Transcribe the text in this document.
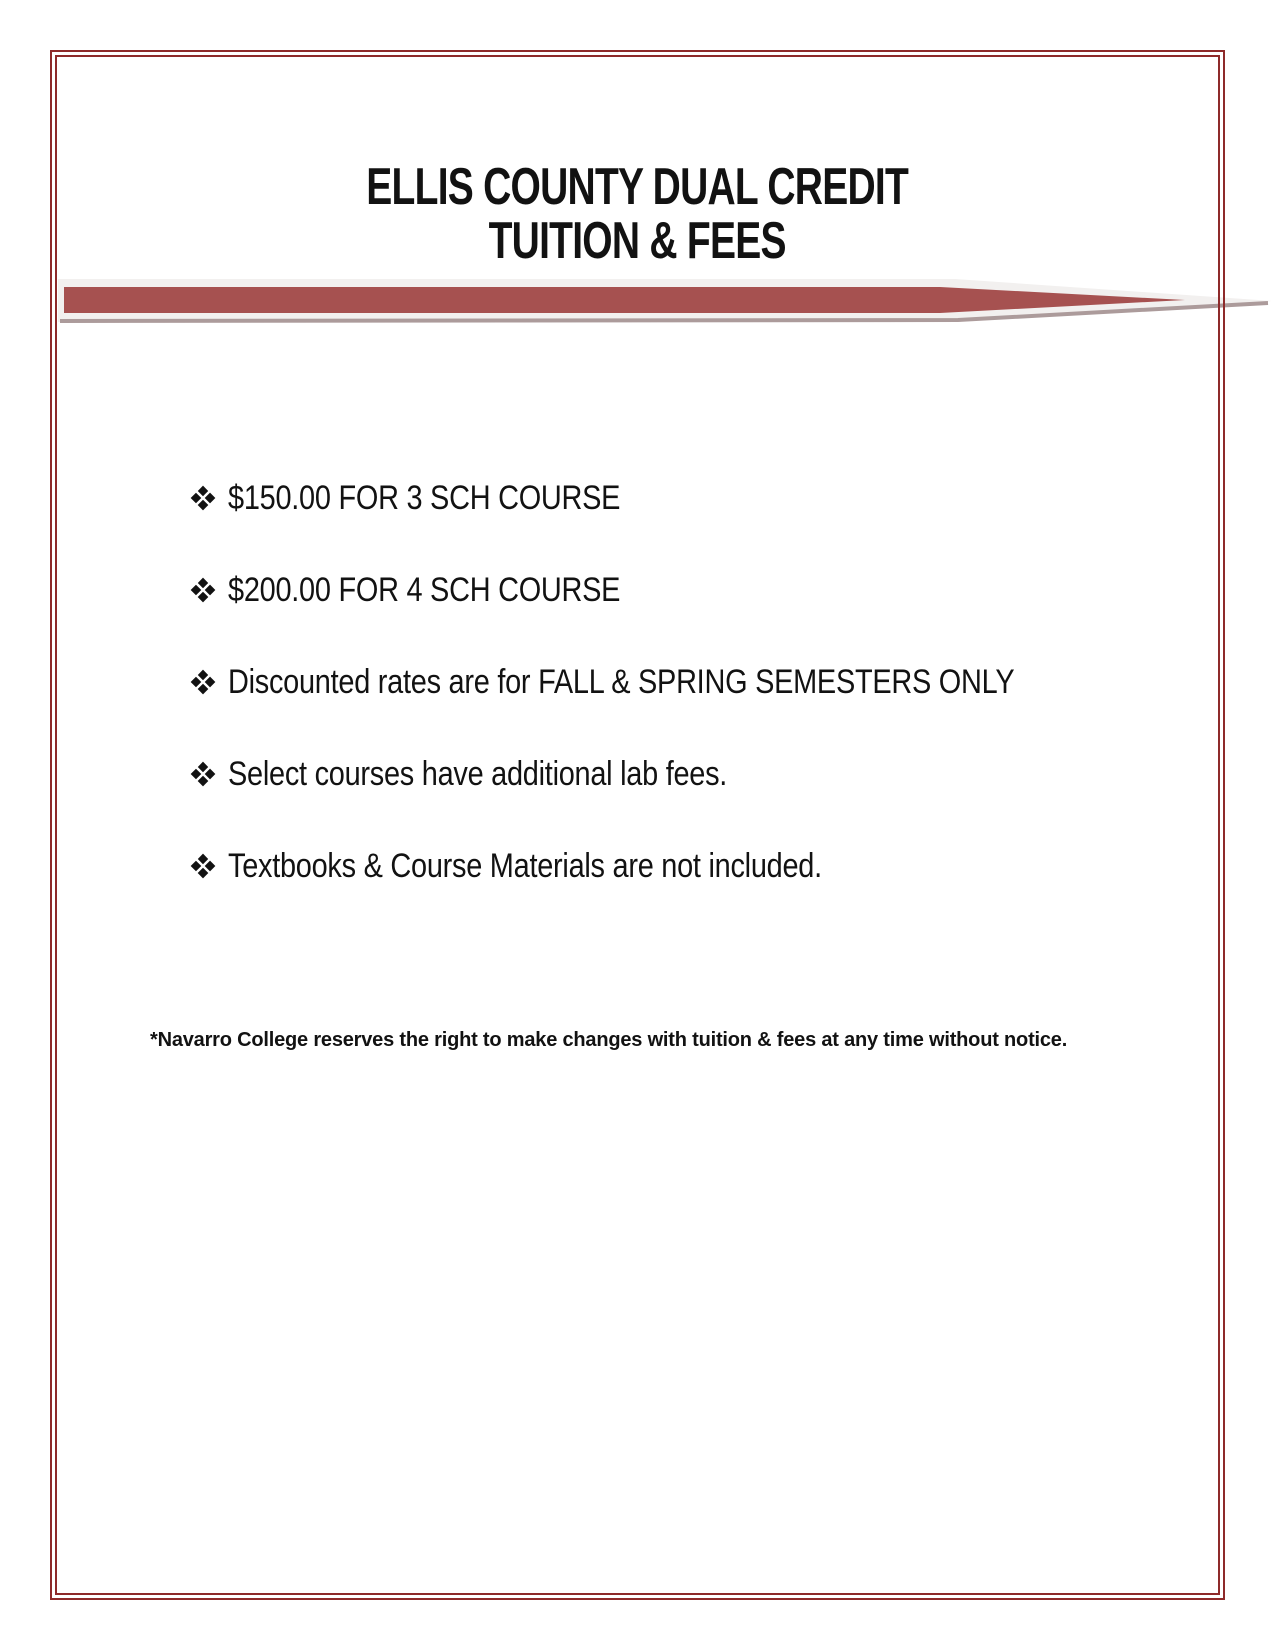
ELLIS COUNTY DUAL CREDIT
TUITION & FEES
$150.00 FOR 3 SCH COURSE
$200.00 FOR 4 SCH COURSE
Discounted rates are for FALL & SPRING SEMESTERS ONLY
Select courses have additional lab fees.
Textbooks & Course Materials are not included.
*Navarro College reserves the right to make changes with tuition & fees at any time without notice.
